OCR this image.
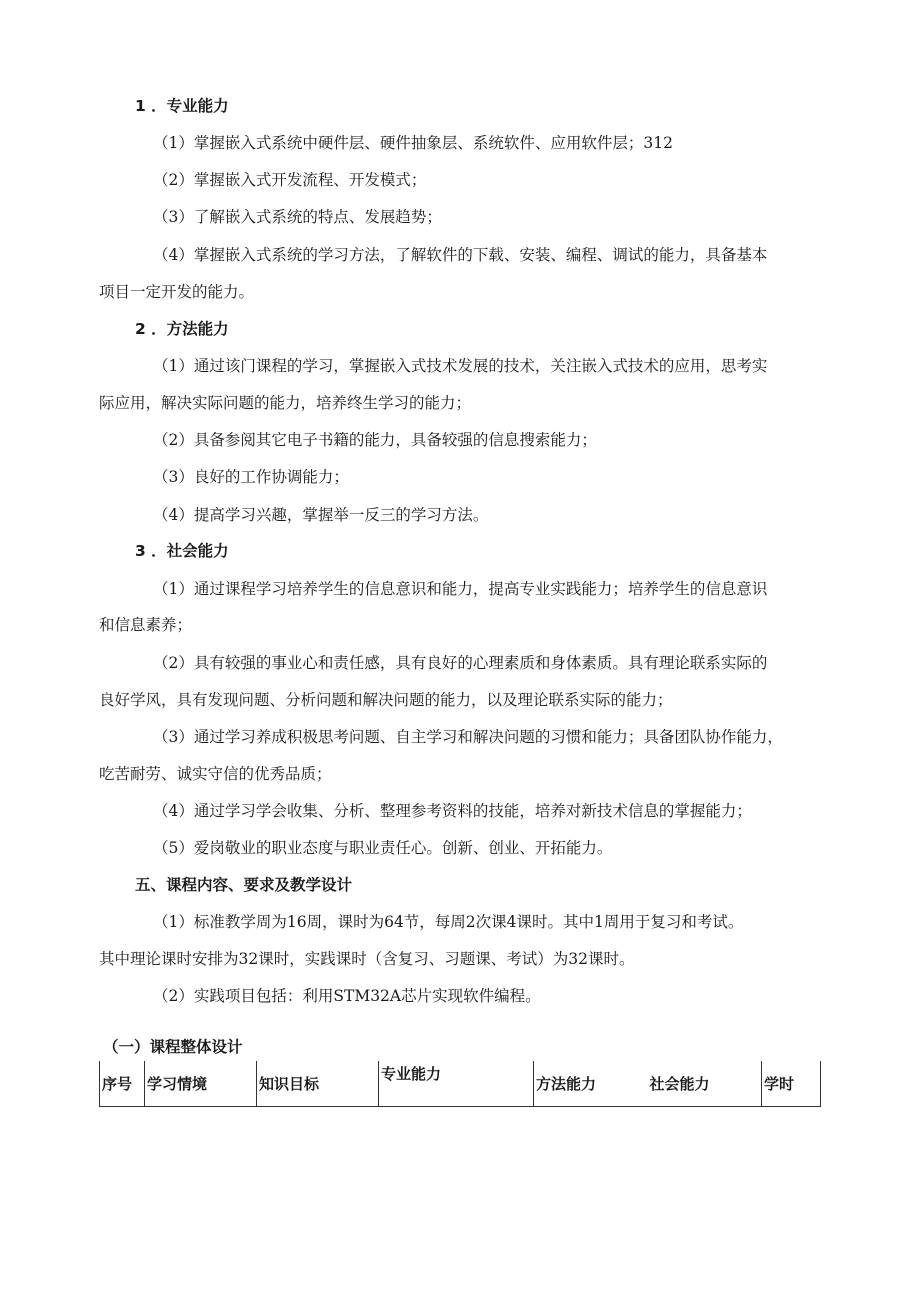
1 ．专业能力
（1）掌握嵌入式系统中硬件层、硬件抽象层、系统软件、应用软件层；312
（2）掌握嵌入式开发流程、开发模式；
（3）了解嵌入式系统的特点、发展趋势；
（4）掌握嵌入式系统的学习方法，了解软件的下载、安装、编程、调试的能力，具备基本
项目一定开发的能力。
2 ．方法能力
（1）通过该门课程的学习，掌握嵌入式技术发展的技术，关注嵌入式技术的应用，思考实
际应用，解决实际问题的能力，培养终生学习的能力；
（2）具备参阅其它电子书籍的能力，具备较强的信息搜索能力；
（3）良好的工作协调能力；
（4）提高学习兴趣，掌握举一反三的学习方法。
3 ．社会能力
（1）通过课程学习培养学生的信息意识和能力，提高专业实践能力；培养学生的信息意识
和信息素养；
（2）具有较强的事业心和责任感，具有良好的心理素质和身体素质。具有理论联系实际的
良好学风，具有发现问题、分析问题和解决问题的能力，以及理论联系实际的能力；
（3）通过学习养成积极思考问题、自主学习和解决问题的习惯和能力；具备团队协作能力，
吃苦耐劳、诚实守信的优秀品质；
（4）通过学习学会收集、分析、整理参考资料的技能，培养对新技术信息的掌握能力；
（5）爱岗敬业的职业态度与职业责任心。创新、创业、开拓能力。
五、课程内容、要求及教学设计
（1）标准教学周为16周，课时为64节，每周2次课4课时。其中1周用于复习和考试。
其中理论课时安排为32课时，实践课时（含复习、习题课、考试）为32课时。
（2）实践项目包括：利用STM32A芯片实现软件编程。
（一）课程整体设计
序号	学习情境	知识目标	专业能力	方法能力	社会能力	学时
